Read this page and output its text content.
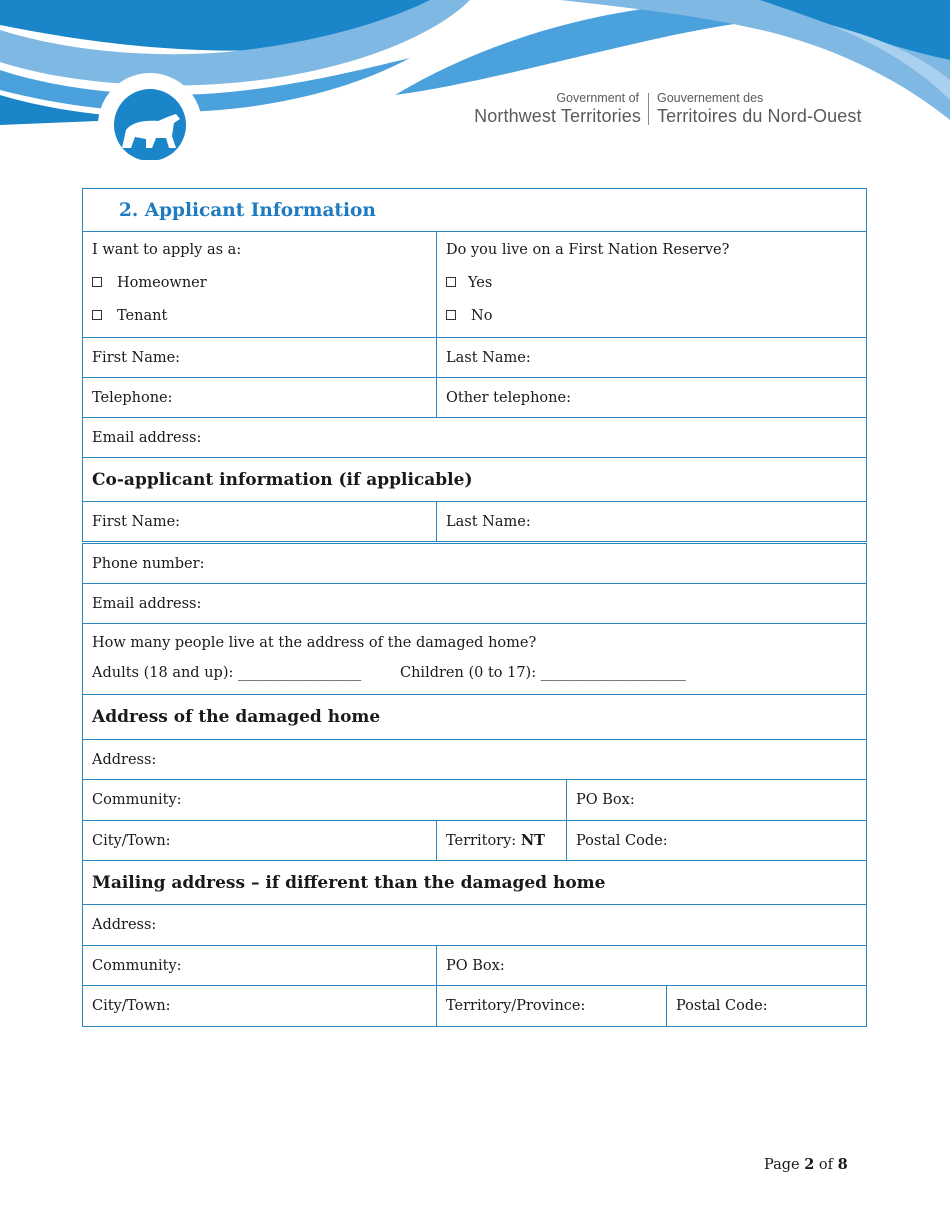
Government of
Northwest Territories
Gouvernement des
Territoires du Nord-Ouest
2. Applicant Information
I want to apply as a:
Homeowner
Tenant
Do you live on a First Nation Reserve?
Yes
No
First Name:	Last Name:
Telephone:	Other telephone:
Email address:
Co-applicant information (if applicable)
First Name:	Last Name:
Phone number:
Email address:
How many people live at the address of the damaged home?
Adults (18 and up): _________________	Children (0 to 17): ____________________
Address of the damaged home
Address:
Community:	PO Box:
City/Town:	Territory: NT	Postal Code:
Mailing address – if different than the damaged home
Address:
Community:	PO Box:
City/Town:	Territory/Province:	Postal Code:
Page 2 of 8
